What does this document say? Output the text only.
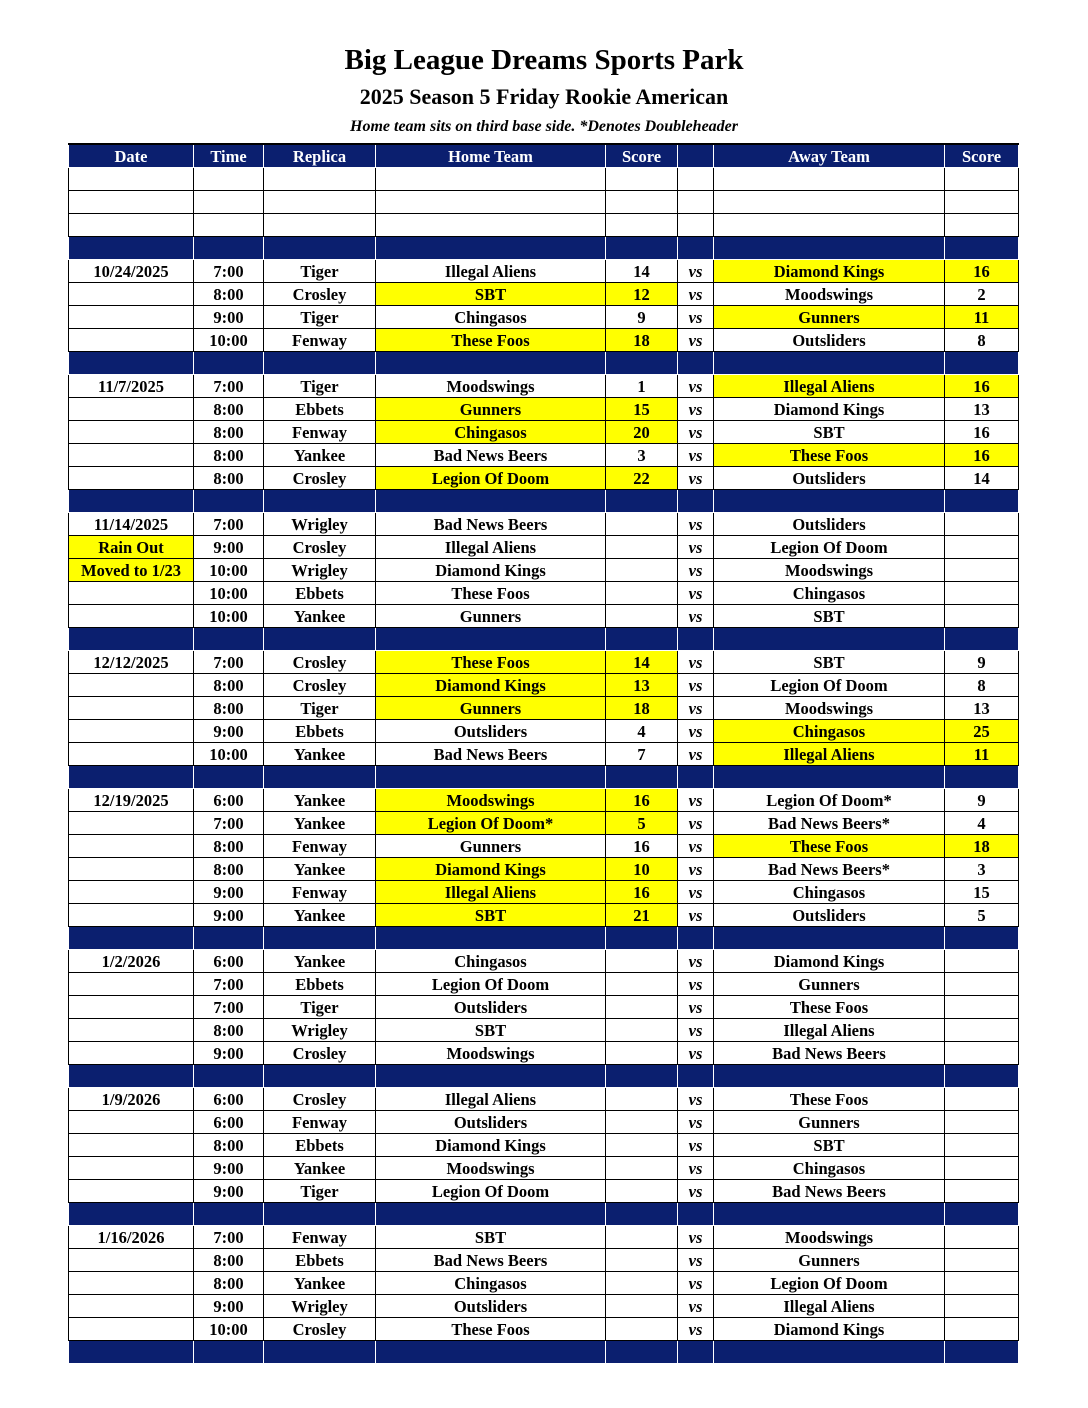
Big League Dreams Sports Park
2025 Season 5 Friday Rookie American
Home team sits on third base side. *Denotes Doubleheader
Date	Time	Replica	Home Team	Score		Away Team	Score

10/24/2025	7:00	Tiger	Illegal Aliens	14	vs	Diamond Kings	16
	8:00	Crosley	SBT	12	vs	Moodswings	2
	9:00	Tiger	Chingasos	9	vs	Gunners	11
	10:00	Fenway	These Foos	18	vs	Outsliders	8

11/7/2025	7:00	Tiger	Moodswings	1	vs	Illegal Aliens	16
	8:00	Ebbets	Gunners	15	vs	Diamond Kings	13
	8:00	Fenway	Chingasos	20	vs	SBT	16
	8:00	Yankee	Bad News Beers	3	vs	These Foos	16
	8:00	Crosley	Legion Of Doom	22	vs	Outsliders	14

11/14/2025	7:00	Wrigley	Bad News Beers		vs	Outsliders	
Rain Out	9:00	Crosley	Illegal Aliens		vs	Legion Of Doom	
Moved to 1/23	10:00	Wrigley	Diamond Kings		vs	Moodswings	
	10:00	Ebbets	These Foos		vs	Chingasos	
	10:00	Yankee	Gunners		vs	SBT	

12/12/2025	7:00	Crosley	These Foos	14	vs	SBT	9
	8:00	Crosley	Diamond Kings	13	vs	Legion Of Doom	8
	8:00	Tiger	Gunners	18	vs	Moodswings	13
	9:00	Ebbets	Outsliders	4	vs	Chingasos	25
	10:00	Yankee	Bad News Beers	7	vs	Illegal Aliens	11

12/19/2025	6:00	Yankee	Moodswings	16	vs	Legion Of Doom*	9
	7:00	Yankee	Legion Of Doom*	5	vs	Bad News Beers*	4
	8:00	Fenway	Gunners	16	vs	These Foos	18
	8:00	Yankee	Diamond Kings	10	vs	Bad News Beers*	3
	9:00	Fenway	Illegal Aliens	16	vs	Chingasos	15
	9:00	Yankee	SBT	21	vs	Outsliders	5

1/2/2026	6:00	Yankee	Chingasos		vs	Diamond Kings	
	7:00	Ebbets	Legion Of Doom		vs	Gunners	
	7:00	Tiger	Outsliders		vs	These Foos	
	8:00	Wrigley	SBT		vs	Illegal Aliens	
	9:00	Crosley	Moodswings		vs	Bad News Beers	

1/9/2026	6:00	Crosley	Illegal Aliens		vs	These Foos	
	6:00	Fenway	Outsliders		vs	Gunners	
	8:00	Ebbets	Diamond Kings		vs	SBT	
	9:00	Yankee	Moodswings		vs	Chingasos	
	9:00	Tiger	Legion Of Doom		vs	Bad News Beers	

1/16/2026	7:00	Fenway	SBT		vs	Moodswings	
	8:00	Ebbets	Bad News Beers		vs	Gunners	
	8:00	Yankee	Chingasos		vs	Legion Of Doom	
	9:00	Wrigley	Outsliders		vs	Illegal Aliens	
	10:00	Crosley	These Foos		vs	Diamond Kings	
